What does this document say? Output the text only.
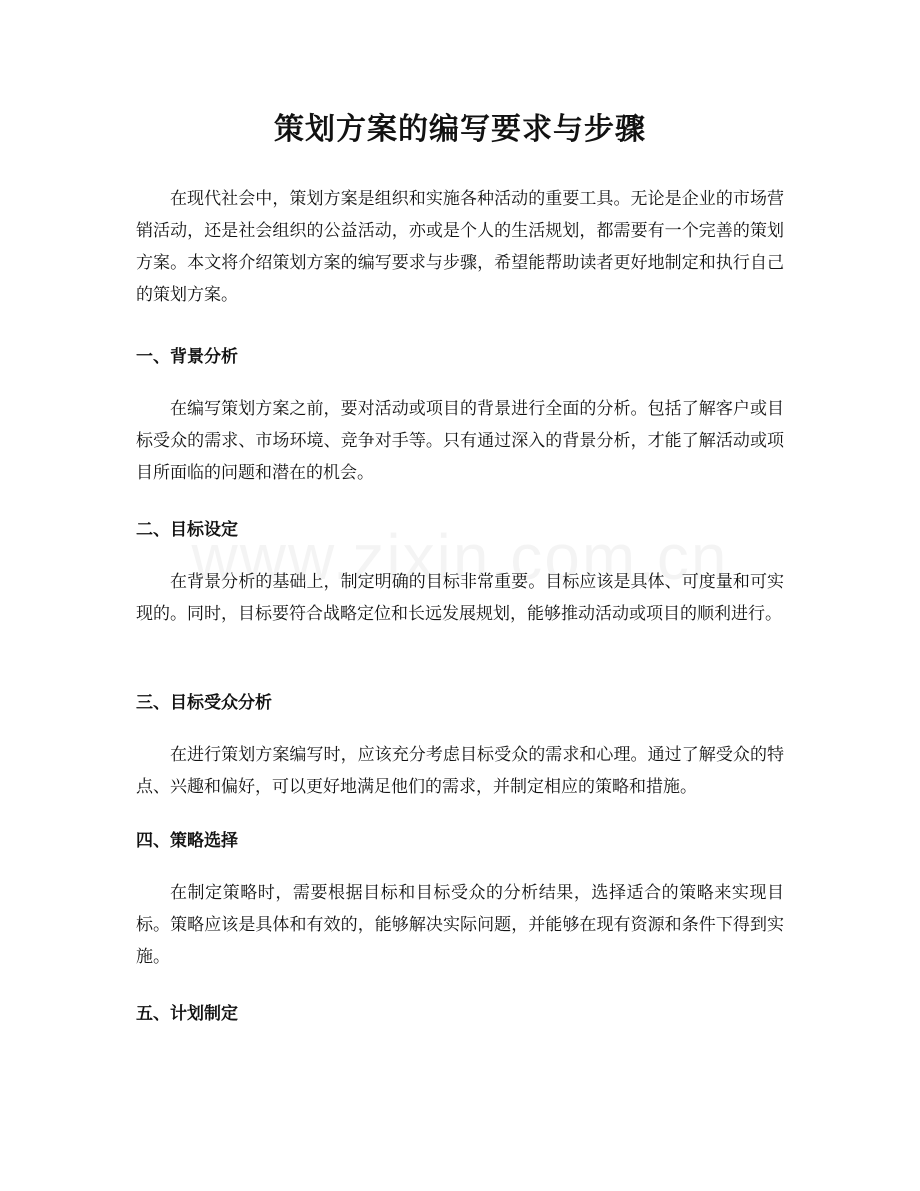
策划方案的编写要求与步骤

在现代社会中，策划方案是组织和实施各种活动的重要工具。无论是企业的市场营销活动，还是社会组织的公益活动，亦或是个人的生活规划，都需要有一个完善的策划方案。本文将介绍策划方案的编写要求与步骤，希望能帮助读者更好地制定和执行自己的策划方案。

一、背景分析

在编写策划方案之前，要对活动或项目的背景进行全面的分析。包括了解客户或目标受众的需求、市场环境、竞争对手等。只有通过深入的背景分析，才能了解活动或项目所面临的问题和潜在的机会。

二、目标设定

在背景分析的基础上，制定明确的目标非常重要。目标应该是具体、可度量和可实现的。同时，目标要符合战略定位和长远发展规划，能够推动活动或项目的顺利进行。

三、目标受众分析

在进行策划方案编写时，应该充分考虑目标受众的需求和心理。通过了解受众的特点、兴趣和偏好，可以更好地满足他们的需求，并制定相应的策略和措施。

四、策略选择

在制定策略时，需要根据目标和目标受众的分析结果，选择适合的策略来实现目标。策略应该是具体和有效的，能够解决实际问题，并能够在现有资源和条件下得到实施。

五、计划制定
